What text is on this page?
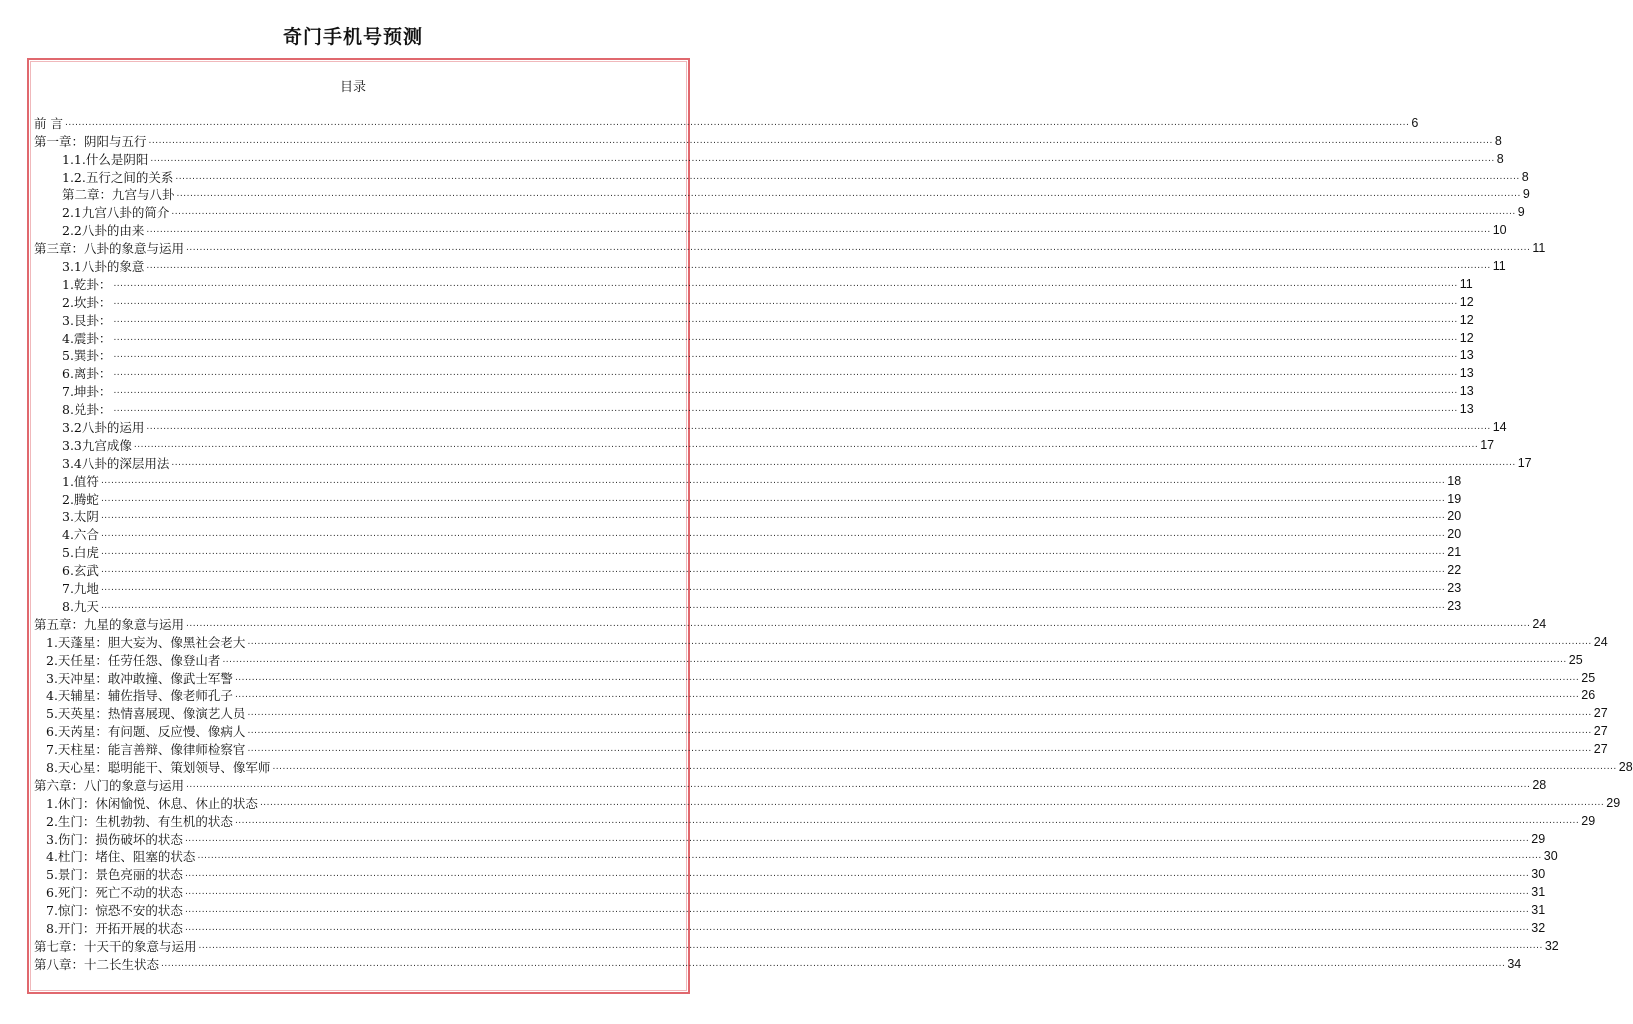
奇门手机号预测
目录
前 言 ................................................................................................................................................................................................................................................................................................................................................................................................................ 6
第一章：阴阳与五行 ................................................................................................................................................................................................................................................................................................................................................................................................................ 8
1.1.什么是阴阳 ................................................................................................................................................................................................................................................................................................................................................................................................................ 8
1.2.五行之间的关系 ................................................................................................................................................................................................................................................................................................................................................................................................................ 8
第二章：九宫与八卦 ................................................................................................................................................................................................................................................................................................................................................................................................................ 9
2.1九宫八卦的简介 ................................................................................................................................................................................................................................................................................................................................................................................................................ 9
2.2八卦的由来 ................................................................................................................................................................................................................................................................................................................................................................................................................ 10
第三章：八卦的象意与运用 ................................................................................................................................................................................................................................................................................................................................................................................................................ 11
3.1八卦的象意 ................................................................................................................................................................................................................................................................................................................................................................................................................ 11
1.乾卦： ................................................................................................................................................................................................................................................................................................................................................................................................................ 11
2.坎卦： ................................................................................................................................................................................................................................................................................................................................................................................................................ 12
3.艮卦： ................................................................................................................................................................................................................................................................................................................................................................................................................ 12
4.震卦： ................................................................................................................................................................................................................................................................................................................................................................................................................ 12
5.巽卦： ................................................................................................................................................................................................................................................................................................................................................................................................................ 13
6.离卦： ................................................................................................................................................................................................................................................................................................................................................................................................................ 13
7.坤卦： ................................................................................................................................................................................................................................................................................................................................................................................................................ 13
8.兑卦： ................................................................................................................................................................................................................................................................................................................................................................................................................ 13
3.2八卦的运用 ................................................................................................................................................................................................................................................................................................................................................................................................................ 14
3.3九宫成像 ................................................................................................................................................................................................................................................................................................................................................................................................................ 17
3.4八卦的深层用法 ................................................................................................................................................................................................................................................................................................................................................................................................................ 17
1.值符 ................................................................................................................................................................................................................................................................................................................................................................................................................ 18
2.腾蛇 ................................................................................................................................................................................................................................................................................................................................................................................................................ 19
3.太阴 ................................................................................................................................................................................................................................................................................................................................................................................................................ 20
4.六合 ................................................................................................................................................................................................................................................................................................................................................................................................................ 20
5.白虎 ................................................................................................................................................................................................................................................................................................................................................................................................................ 21
6.玄武 ................................................................................................................................................................................................................................................................................................................................................................................................................ 22
7.九地 ................................................................................................................................................................................................................................................................................................................................................................................................................ 23
8.九天 ................................................................................................................................................................................................................................................................................................................................................................................................................ 23
第五章：九星的象意与运用 ................................................................................................................................................................................................................................................................................................................................................................................................................ 24
1.天蓬星：胆大妄为、像黑社会老大 ................................................................................................................................................................................................................................................................................................................................................................................................................ 24
2.天任星：任劳任怨、像登山者 ................................................................................................................................................................................................................................................................................................................................................................................................................ 25
3.天冲星：敢冲敢撞、像武士军警 ................................................................................................................................................................................................................................................................................................................................................................................................................ 25
4.天辅星：辅佐指导、像老师孔子 ................................................................................................................................................................................................................................................................................................................................................................................................................ 26
5.天英星：热情喜展现、像演艺人员 ................................................................................................................................................................................................................................................................................................................................................................................................................ 27
6.天芮星：有问题、反应慢、像病人 ................................................................................................................................................................................................................................................................................................................................................................................................................ 27
7.天柱星：能言善辩、像律师检察官 ................................................................................................................................................................................................................................................................................................................................................................................................................ 27
8.天心星：聪明能干、策划领导、像军师 ................................................................................................................................................................................................................................................................................................................................................................................................................ 28
第六章：八门的象意与运用 ................................................................................................................................................................................................................................................................................................................................................................................................................ 28
1.休门：休闲愉悦、休息、休止的状态 ................................................................................................................................................................................................................................................................................................................................................................................................................ 29
2.生门：生机勃勃、有生机的状态 ................................................................................................................................................................................................................................................................................................................................................................................................................ 29
3.伤门：损伤破坏的状态 ................................................................................................................................................................................................................................................................................................................................................................................................................ 29
4.杜门：堵住、阻塞的状态 ................................................................................................................................................................................................................................................................................................................................................................................................................ 30
5.景门：景色亮丽的状态 ................................................................................................................................................................................................................................................................................................................................................................................................................ 30
6.死门：死亡不动的状态 ................................................................................................................................................................................................................................................................................................................................................................................................................ 31
7.惊门：惊恐不安的状态 ................................................................................................................................................................................................................................................................................................................................................................................................................ 31
8.开门：开拓开展的状态 ................................................................................................................................................................................................................................................................................................................................................................................................................ 32
第七章：十天干的象意与运用 ................................................................................................................................................................................................................................................................................................................................................................................................................ 32
第八章：十二长生状态 ................................................................................................................................................................................................................................................................................................................................................................................................................ 34
